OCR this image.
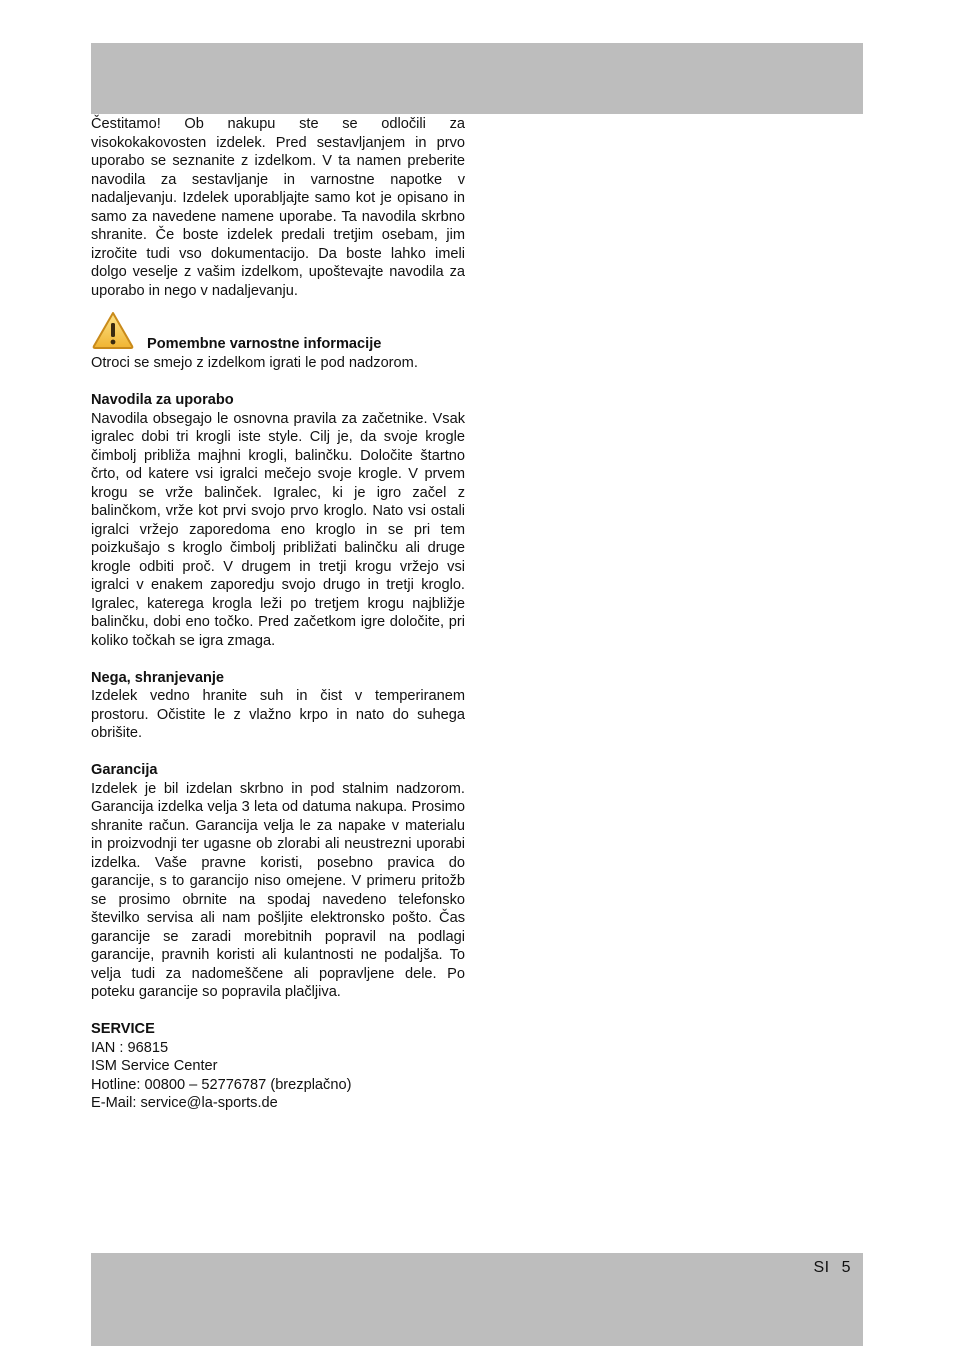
Čestitamo! Ob nakupu ste se odločili za visokokakovosten izdelek. Pred sestavljanjem in prvo uporabo se seznanite z izdelkom. V ta namen preberite navodila za sestavljanje in varnostne napotke v nadaljevanju. Izdelek uporabljajte samo kot je opisano in samo za navedene namene uporabe. Ta navodila skrbno shranite. Če boste izdelek predali tretjim osebam, jim izročite tudi vso dokumentacijo. Da boste lahko imeli dolgo veselje z vašim izdelkom, upoštevajte navodila za uporabo in nego v nadaljevanju.

Pomembne varnostne informacije

Otroci se smejo z izdelkom igrati le pod nadzorom.

Navodila za uporabo

Navodila obsegajo le osnovna pravila za začetnike. Vsak igralec dobi tri krogli iste style. Cilj je, da svoje krogle čimbolj približa majhni krogli, balinčku. Določite štartno črto, od katere vsi igralci mečejo svoje krogle. V prvem krogu se vrže balinček. Igralec, ki je igro začel z balinčkom, vrže kot prvi svojo prvo kroglo. Nato vsi ostali igralci vržejo zaporedoma eno kroglo in se pri tem poizkušajo s kroglo čimbolj približati balinčku ali druge krogle odbiti proč. V drugem in tretji krogu vržejo vsi igralci v enakem zaporedju svojo drugo in tretji kroglo. Igralec, katerega krogla leži po tretjem krogu najbližje balinčku, dobi eno točko. Pred začetkom igre določite, pri koliko točkah se igra zmaga.

Nega, shranjevanje

Izdelek vedno hranite suh in čist v temperiranem prostoru. Očistite le z vlažno krpo in nato do suhega obrišite.

Garancija

Izdelek je bil izdelan skrbno in pod stalnim nadzorom. Garancija izdelka velja 3 leta od datuma nakupa. Prosimo shranite račun. Garancija velja le za napake v materialu in proizvodnji ter ugasne ob zlorabi ali neustrezni uporabi izdelka. Vaše pravne koristi, posebno pravica do garancije, s to garancijo niso omejene. V primeru pritožb se prosimo obrnite na spodaj navedeno telefonsko številko servisa ali nam pošljite elektronsko pošto. Čas garancije se zaradi morebitnih popravil na podlagi garancije, pravnih koristi ali kulantnosti ne podaljša. To velja tudi za nadomeščene ali popravljene dele. Po poteku garancije so popravila plačljiva.

SERVICE

IAN : 96815

ISM Service Center

Hotline: 00800 – 52776787 (brezplačno)

E-Mail: service@la-sports.de

SI 5
